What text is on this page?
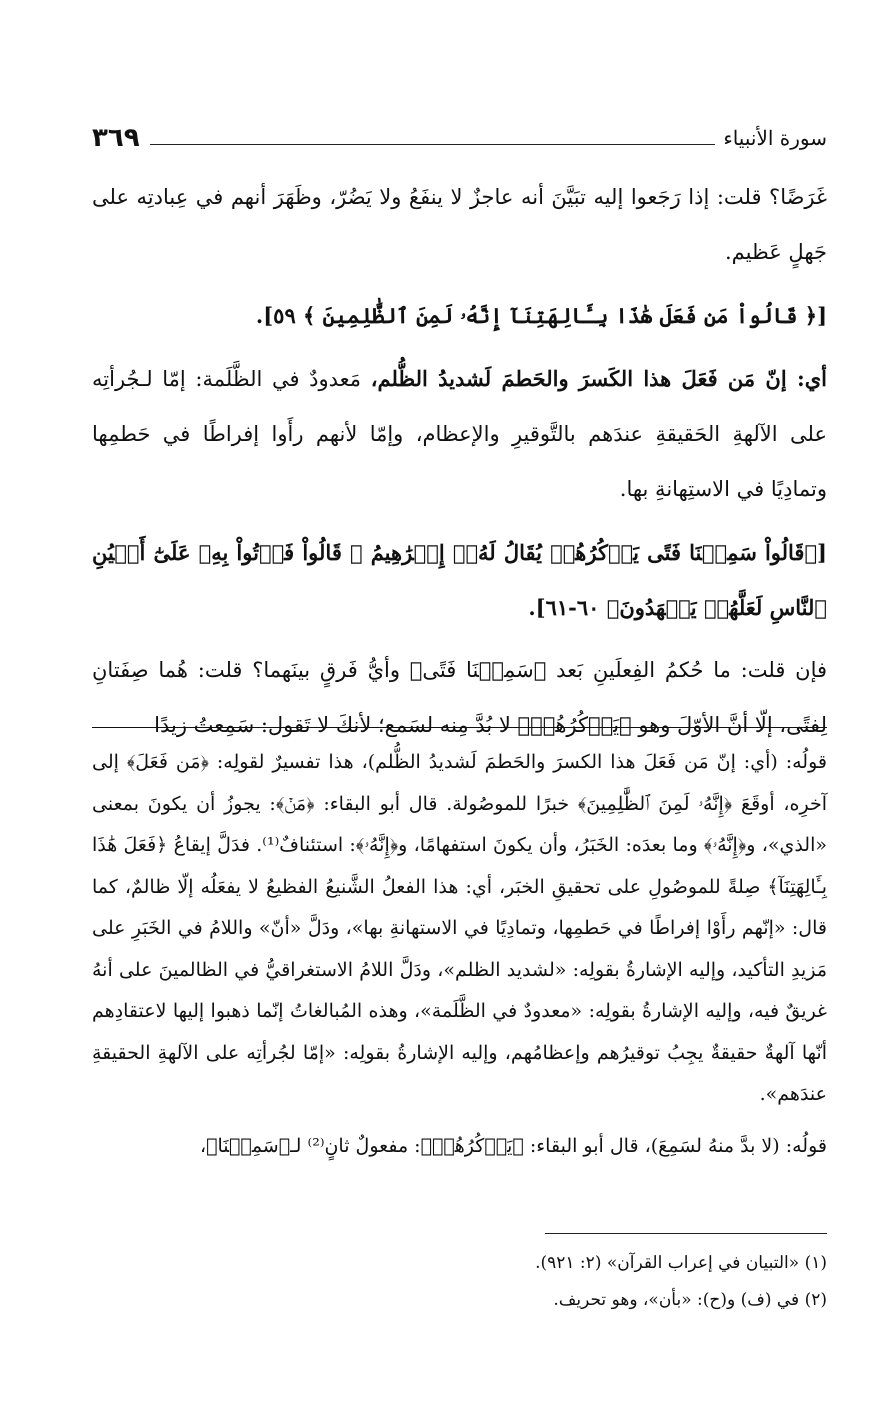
سورة الأنبياء
٣٦٩

غَرَضًا؟ قلت: إذا رَجَعوا إليه تبَيَّنَ أنه عاجزٌ لا ينفَعُ ولا يَضُرّ، وظَهَرَ أنهم في عِبادتِه على جَهلٍ عَظيم.

[﴿ قَالُواْ مَن فَعَلَ هَٰذَا بِـَٔالِهَتِنَآ إِنَّهُۥ لَمِنَ ٱلظَّٰلِمِينَ ﴾ ٥٩].

أي: إنّ مَن فَعَلَ هذا الكَسرَ والحَطمَ لَشديدُ الظُّلم، مَعدودٌ في الظَّلَمة: إمّا لـجُرأتِه على الآلهةِ الحَقيقةِ عندَهم بالتَّوقيرِ والإعظام، وإمّا لأنهم رأَوا إفراطًا في حَطمِها وتمادِيًا في الاستِهانةِ بها.

[﴿قَالُواْ سَمِعۡنَا فَتًى يَذۡكُرُهُمۡ يُقَالُ لَهُۥٓ إِبۡرَٰهِيمُ ۞ قَالُواْ فَأۡتُواْ بِهِۦ عَلَىٰٓ أَعۡيُنِ ٱلنَّاسِ لَعَلَّهُمۡ يَشۡهَدُونَ﴾ ٦٠-٦١].

فإن قلت: ما حُكمُ الفِعلَينِ بَعد ﴿سَمِعۡنَا فَتًى﴾ وأيُّ فَرقٍ بينَهما؟ قلت: هُما صِفَتانِ لِفتًى، إلّا أنَّ الأوّلَ وهو ﴿يَذۡكُرُهُمۡ﴾ لا بُدَّ مِنه لسَمع؛ لأنكَ لا تَقول: سَمِعتُ زيدًا

قولُه: (أي: إنّ مَن فَعَلَ هذا الكسرَ والحَطمَ لَشديدُ الظُّلم)، هذا تفسيرٌ لقولِه: ﴿مَن فَعَلَ﴾ إلى آخرِه، أوقَعَ ﴿إِنَّهُۥ لَمِنَ ٱلظَّٰلِمِينَ﴾ خبرًا للموصُولة. قال أبو البقاء: ﴿مَنۡ﴾: يجوزُ أن يكونَ بمعنى «الذي»، و﴿إِنَّهُۥ﴾ وما بعدَه: الخَبَرُ، وأن يكونَ استفهامًا، و﴿إِنَّهُۥ﴾: استئنافٌ⁽¹⁾. فدَلَّ إيقاعُ ﴿فَعَلَ هَٰذَا بِـَٔالِهَتِنَآ﴾ صِلةً للموصُولِ على تحقيقِ الخبَر، أي: هذا الفعلُ الشَّنيعُ الفظيعُ لا يفعَلُه إلّا ظالمٌ، كما قال: «إنّهم رأَوْا إفراطًا في حَطمِها، وتمادِيًا في الاستهانةِ بها»، ودَلَّ «أنّ» واللامُ في الخَبَرِ على مَزيدِ التأكيد، وإليه الإشارةُ بقولِه: «لشديد الظلم»، ودَلَّ اللامُ الاستغراقيُّ في الظالمينَ على أنهُ غريقٌ فيه، وإليه الإشارةُ بقولِه: «معدودٌ في الظَّلَمة»، وهذه المُبالغاتُ إنّما ذهبوا إليها لاعتقادِهم أنّها آلهةٌ حقيقةٌ يجِبُ توقيرُهم وإعظامُهم، وإليه الإشارةُ بقولِه: «إمّا لجُرأتِه على الآلهةِ الحقيقةِ عندَهم».

قولُه: (لا بدَّ منهُ لسَمِعَ)، قال أبو البقاء: ﴿يَذۡكُرُهُمۡ﴾: مفعولٌ ثانٍ⁽²⁾ لـ﴿سَمِعۡنَا﴾،

(١) «التبيان في إعراب القرآن» (٢: ٩٢١).
(٢) في (ف) و(ح): «بأن»، وهو تحريف.
